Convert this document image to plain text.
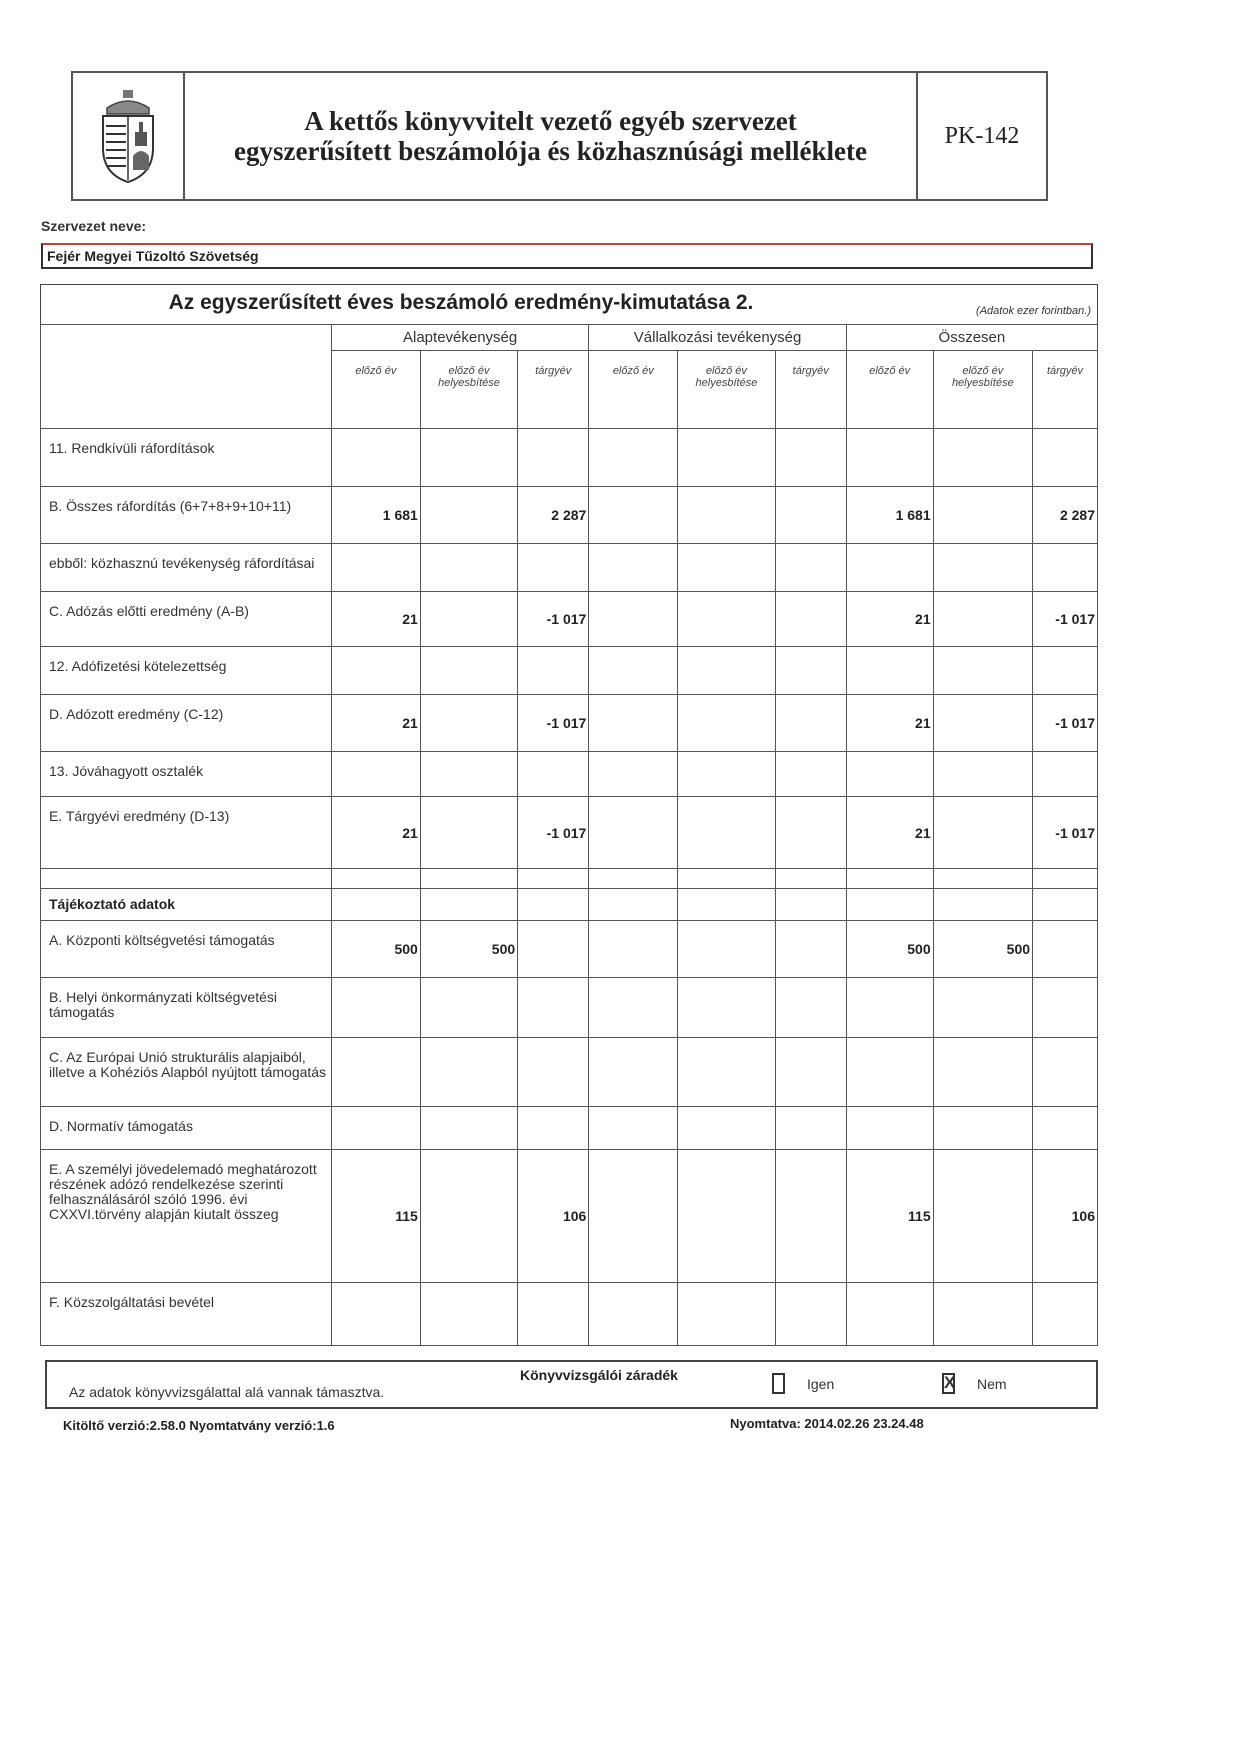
A kettős könyvvitelt vezető egyéb szervezet
egyszerűsített beszámolója és közhasznúsági melléklete
PK-142
Szervezet neve:
Fejér Megyei Tűzoltó Szövetség
Az egyszerűsített éves beszámoló eredmény-kimutatása 2.	(Adatok ezer forintban.)
	Alaptevékenység			Vállalkozási tevékenység			Összesen		
	előző év	előző év helyesbítése	tárgyév	előző év	előző év helyesbítése	tárgyév	előző év	előző év helyesbítése	tárgyév
11. Rendkívüli ráfordítások									
B. Összes ráfordítás (6+7+8+9+10+11)	1 681		2 287				1 681		2 287
ebből: közhasznú tevékenység ráfordításai									
C. Adózás előtti eredmény (A-B)	21		-1 017				21		-1 017
12. Adófizetési kötelezettség									
D. Adózott eredmény (C-12)	21		-1 017				21		-1 017
13. Jóváhagyott osztalék									
E. Tárgyévi eredmény (D-13)	21		-1 017				21		-1 017

Tájékoztató adatok									
A. Központi költségvetési támogatás	500	500					500	500	
B. Helyi önkormányzati költségvetési támogatás									
C. Az Európai Unió strukturális alapjaiból, illetve a Kohéziós Alapból nyújtott támogatás									
D. Normatív támogatás									
E. A személyi jövedelemadó meghatározott részének adózó rendelkezése szerinti felhasználásáról szóló 1996. évi CXXVI.törvény alapján kiutalt összeg	115		106				115		106
F. Közszolgáltatási bevétel									
Az adatok könyvvizsgálattal alá vannak támasztva.
Könyvvizsgálói záradék
Igen	X Nem
Kitöltő verzió:2.58.0 Nyomtatvány verzió:1.6	Nyomtatva: 2014.02.26 23.24.48
